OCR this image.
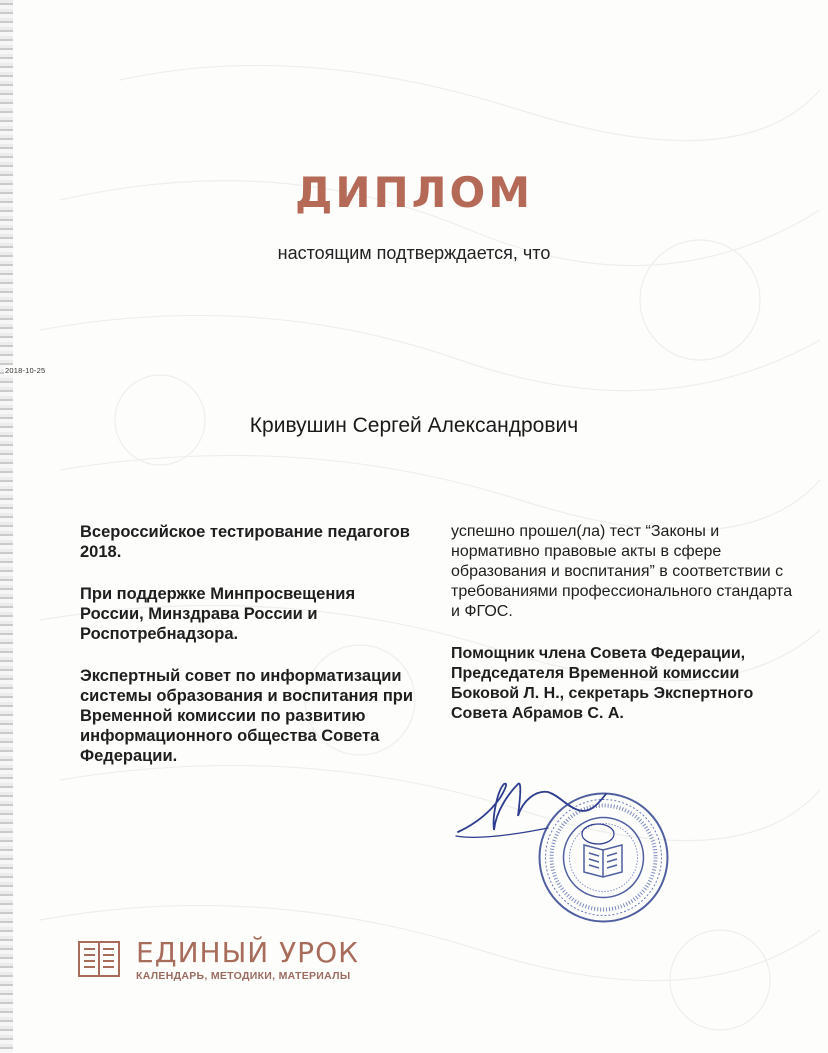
2018-10-25
ДИПЛОМ
настоящим подтверждается, что
Кривушин Сергей Александрович

Всероссийское тестирование педагогов 2018.

При поддержке Минпросвещения России, Минздрава России и Роспотребнадзора.

Экспертный совет по информатизации системы образования и воспитания при Временной комиссии по развитию информационного общества Совета Федерации.

успешно прошел(ла) тест “Законы и нормативно правовые акты в сфере образования и воспитания” в соответствии с требованиями профессионального стандарта и ФГОС.

Помощник члена Совета Федерации, Председателя Временной комиссии Боковой Л. Н., секретарь Экспертного Совета Абрамов С. А.

ЕДИНЫЙ УРОК
КАЛЕНДАРЬ, МЕТОДИКИ, МАТЕРИАЛЫ
